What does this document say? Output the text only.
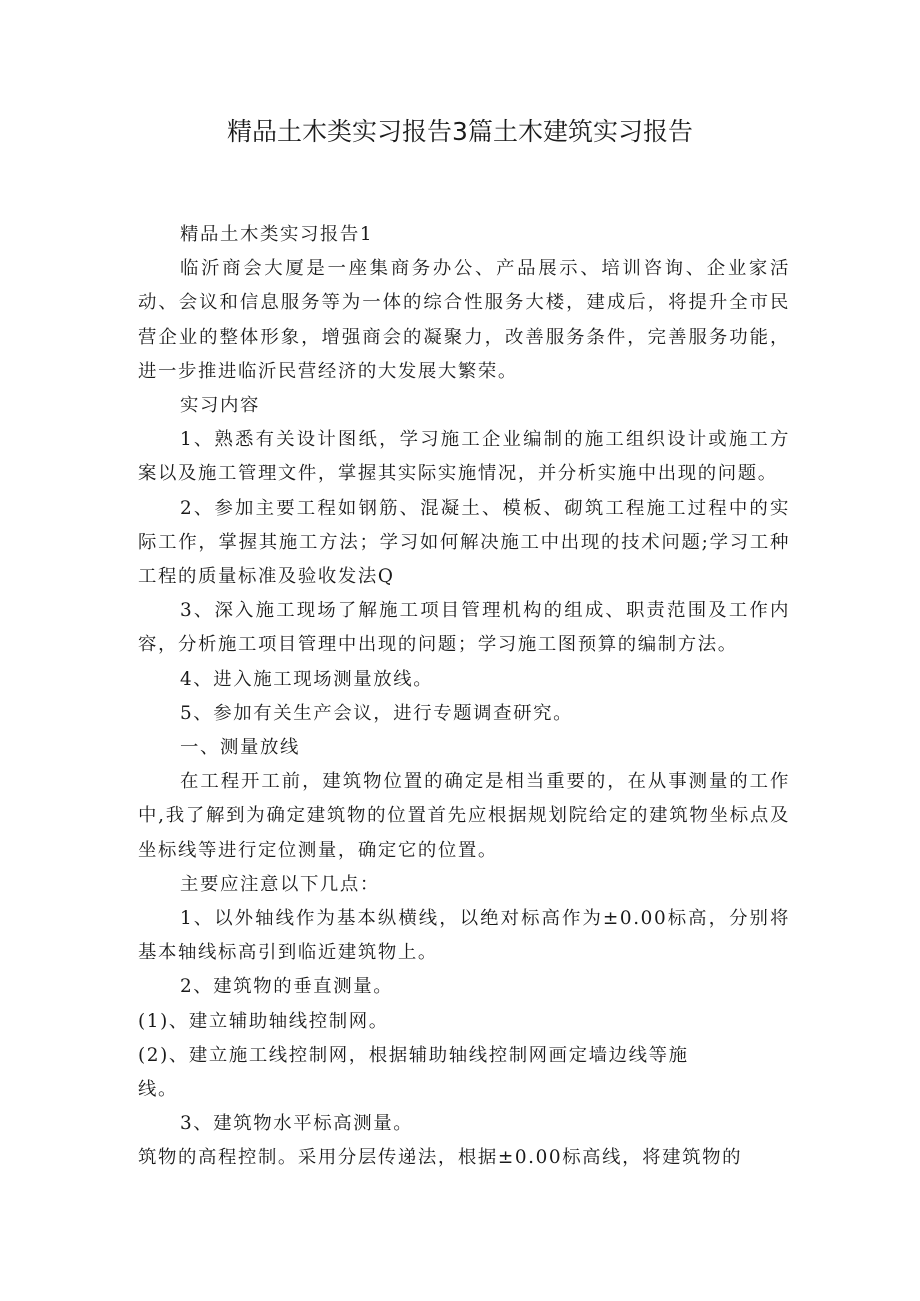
精品土木类实习报告3篇土木建筑实习报告

精品土木类实习报告1

临沂商会大厦是一座集商务办公、产品展示、培训咨询、企业家活动、会议和信息服务等为一体的综合性服务大楼，建成后，将提升全市民营企业的整体形象，增强商会的凝聚力，改善服务条件，完善服务功能，进一步推进临沂民营经济的大发展大繁荣。

实习内容

1、熟悉有关设计图纸，学习施工企业编制的施工组织设计或施工方案以及施工管理文件，掌握其实际实施情况，并分析实施中出现的问题。

2、参加主要工程如钢筋、混凝土、模板、砌筑工程施工过程中的实际工作，掌握其施工方法；学习如何解决施工中出现的技术问题;学习工种工程的质量标准及验收发法Q

3、深入施工现场了解施工项目管理机构的组成、职责范围及工作内容，分析施工项目管理中出现的问题；学习施工图预算的编制方法。

4、进入施工现场测量放线。

5、参加有关生产会议，进行专题调查研究。

一、测量放线

在工程开工前，建筑物位置的确定是相当重要的，在从事测量的工作中,我了解到为确定建筑物的位置首先应根据规划院给定的建筑物坐标点及坐标线等进行定位测量，确定它的位置。

主要应注意以下几点：

1、以外轴线作为基本纵横线，以绝对标高作为±0.00标高，分别将基本轴线标高引到临近建筑物上。

2、建筑物的垂直测量。

(1)、建立辅助轴线控制网。

(2)、建立施工线控制网，根据辅助轴线控制网画定墙边线等施

线。

3、建筑物水平标高测量。

筑物的高程控制。采用分层传递法，根据±0.00标高线，将建筑物的
